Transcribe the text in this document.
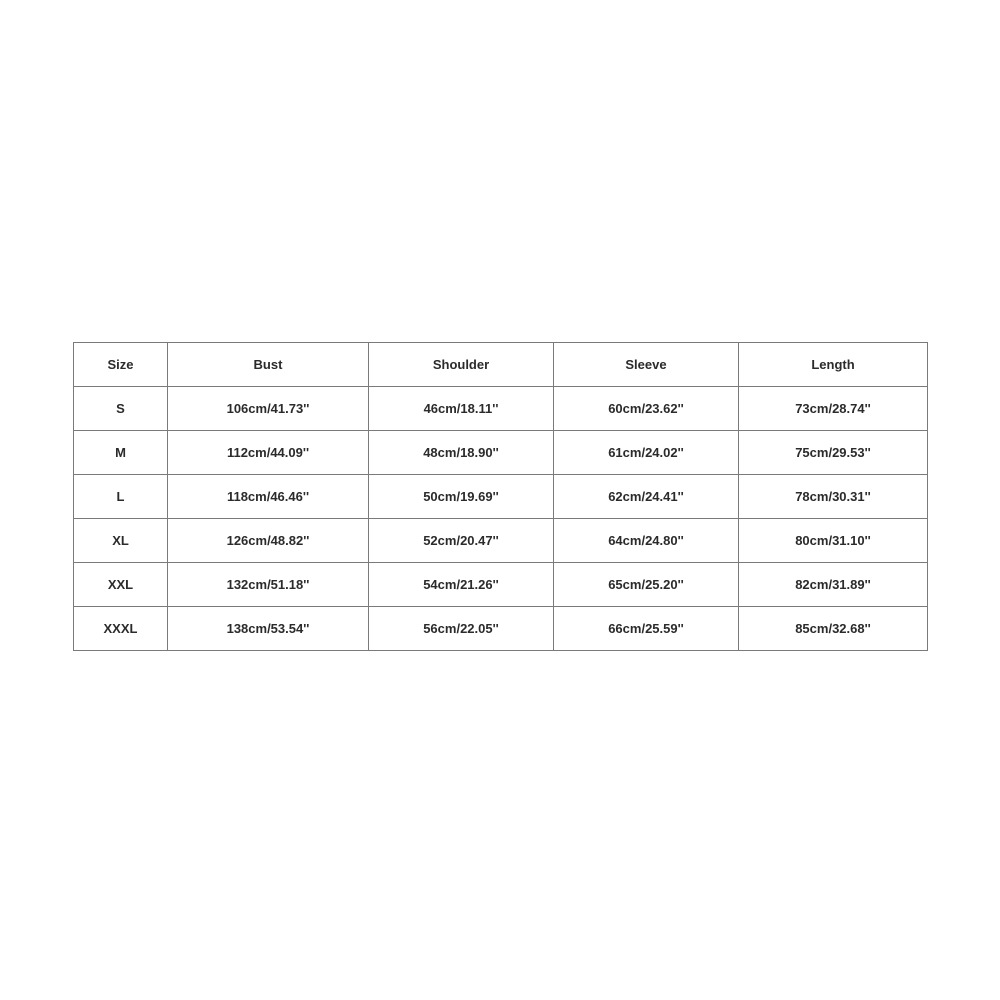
Size	Bust	Shoulder	Sleeve	Length
S	106cm/41.73''	46cm/18.11''	60cm/23.62''	73cm/28.74''
M	112cm/44.09''	48cm/18.90''	61cm/24.02''	75cm/29.53''
L	118cm/46.46''	50cm/19.69''	62cm/24.41''	78cm/30.31''
XL	126cm/48.82''	52cm/20.47''	64cm/24.80''	80cm/31.10''
XXL	132cm/51.18''	54cm/21.26''	65cm/25.20''	82cm/31.89''
XXXL	138cm/53.54''	56cm/22.05''	66cm/25.59''	85cm/32.68''
